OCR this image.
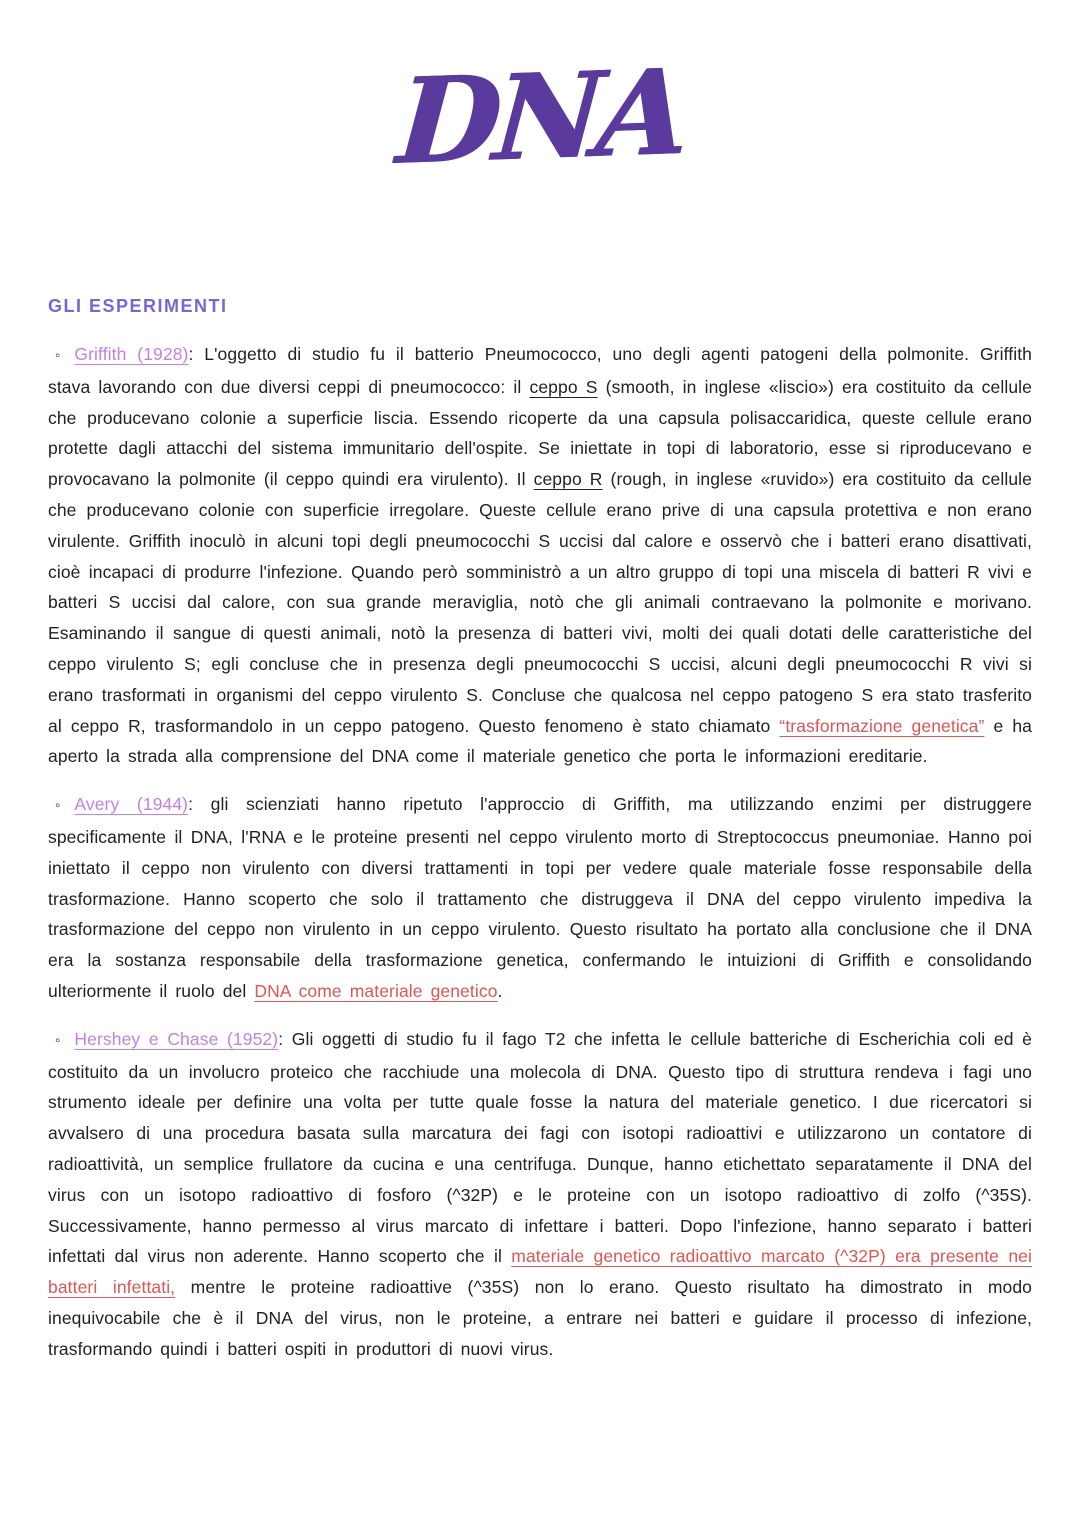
DNA
GLI ESPERIMENTI

◦ Griffith (1928): L'oggetto di studio fu il batterio Pneumococco, uno degli agenti patogeni della polmonite. Griffith stava lavorando con due diversi ceppi di pneumococco: il ceppo S (smooth, in inglese «liscio») era costituito da cellule che producevano colonie a superficie liscia. Essendo ricoperte da una capsula polisaccaridica, queste cellule erano protette dagli attacchi del sistema immunitario dell'ospite. Se iniettate in topi di laboratorio, esse si riproducevano e provocavano la polmonite (il ceppo quindi era virulento). Il ceppo R (rough, in inglese «ruvido») era costituito da cellule che producevano colonie con superficie irregolare. Queste cellule erano prive di una capsula protettiva e non erano virulente. Griffith inoculò in alcuni topi degli pneumococchi S uccisi dal calore e osservò che i batteri erano disattivati, cioè incapaci di produrre l'infezione. Quando però somministrò a un altro gruppo di topi una miscela di batteri R vivi e batteri S uccisi dal calore, con sua grande meraviglia, notò che gli animali contraevano la polmonite e morivano. Esaminando il sangue di questi animali, notò la presenza di batteri vivi, molti dei quali dotati delle caratteristiche del ceppo virulento S; egli concluse che in presenza degli pneumococchi S uccisi, alcuni degli pneumococchi R vivi si erano trasformati in organismi del ceppo virulento S. Concluse che qualcosa nel ceppo patogeno S era stato trasferito al ceppo R, trasformandolo in un ceppo patogeno. Questo fenomeno è stato chiamato “trasformazione genetica” e ha aperto la strada alla comprensione del DNA come il materiale genetico che porta le informazioni ereditarie.

◦ Avery (1944): gli scienziati hanno ripetuto l'approccio di Griffith, ma utilizzando enzimi per distruggere specificamente il DNA, l'RNA e le proteine presenti nel ceppo virulento morto di Streptococcus pneumoniae. Hanno poi iniettato il ceppo non virulento con diversi trattamenti in topi per vedere quale materiale fosse responsabile della trasformazione. Hanno scoperto che solo il trattamento che distruggeva il DNA del ceppo virulento impediva la trasformazione del ceppo non virulento in un ceppo virulento. Questo risultato ha portato alla conclusione che il DNA era la sostanza responsabile della trasformazione genetica, confermando le intuizioni di Griffith e consolidando ulteriormente il ruolo del DNA come materiale genetico.

◦ Hershey e Chase (1952): Gli oggetti di studio fu il fago T2 che infetta le cellule batteriche di Escherichia coli ed è costituito da un involucro proteico che racchiude una molecola di DNA. Questo tipo di struttura rendeva i fagi uno strumento ideale per definire una volta per tutte quale fosse la natura del materiale genetico. I due ricercatori si avvalsero di una procedura basata sulla marcatura dei fagi con isotopi radioattivi e utilizzarono un contatore di radioattività, un semplice frullatore da cucina e una centrifuga. Dunque, hanno etichettato separatamente il DNA del virus con un isotopo radioattivo di fosforo (^32P) e le proteine con un isotopo radioattivo di zolfo (^35S). Successivamente, hanno permesso al virus marcato di infettare i batteri. Dopo l'infezione, hanno separato i batteri infettati dal virus non aderente. Hanno scoperto che il materiale genetico radioattivo marcato (^32P) era presente nei batteri infettati, mentre le proteine radioattive (^35S) non lo erano. Questo risultato ha dimostrato in modo inequivocabile che è il DNA del virus, non le proteine, a entrare nei batteri e guidare il processo di infezione, trasformando quindi i batteri ospiti in produttori di nuovi virus.
